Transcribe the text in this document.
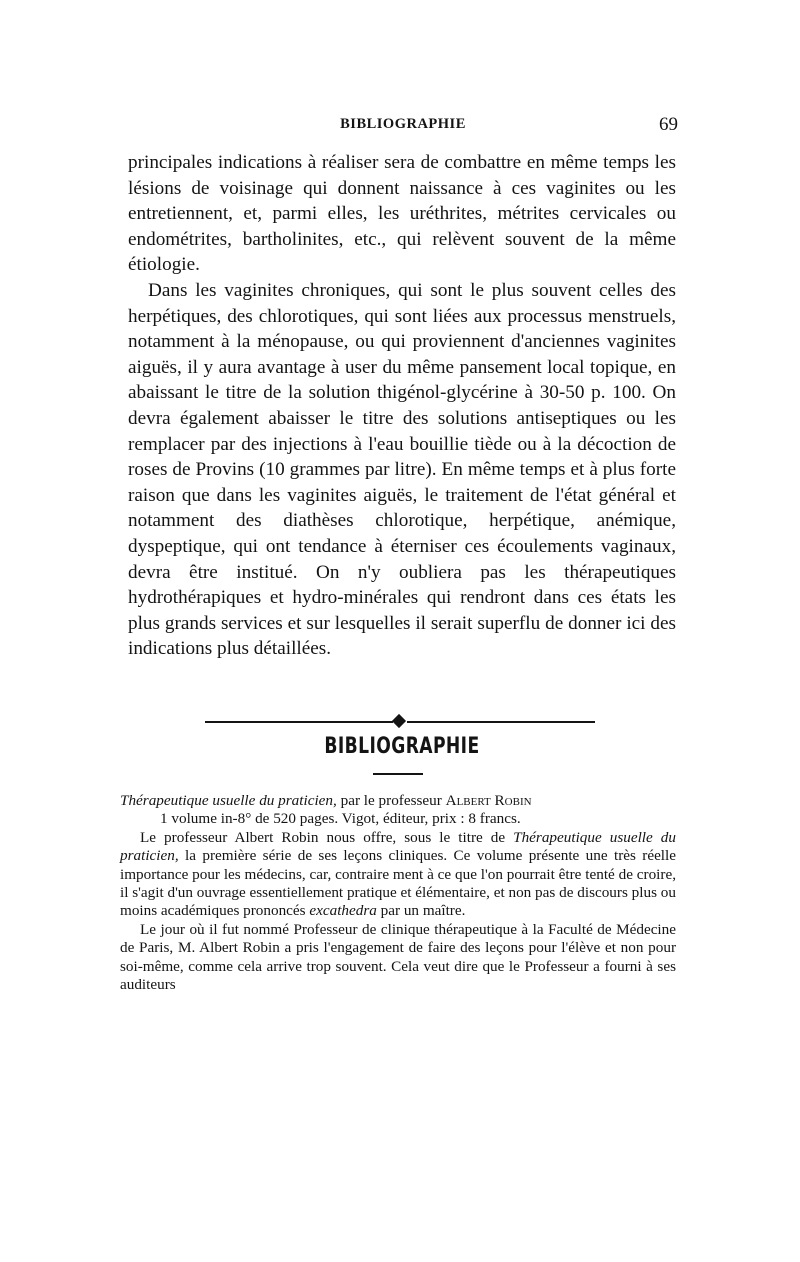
BIBLIOGRAPHIE	69

principales indications à réaliser sera de combattre en même temps les lésions de voisinage qui donnent naissance à ces vaginites ou les entretiennent, et, parmi elles, les uréthrites, métrites cervicales ou endométrites, bartholinites, etc., qui relèvent souvent de la même étiologie.

Dans les vaginites chroniques, qui sont le plus souvent celles des herpétiques, des chlorotiques, qui sont liées aux processus menstruels, notamment à la ménopause, ou qui proviennent d'anciennes vaginites aiguës, il y aura avantage à user du même pansement local topique, en abaissant le titre de la solution thigénol-glycérine à 30-50 p. 100. On devra également abaisser le titre des solutions antiseptiques ou les remplacer par des injections à l'eau bouillie tiède ou à la décoction de roses de Provins (10 grammes par litre). En même temps et à plus forte raison que dans les vaginites aiguës, le traitement de l'état général et notamment des diathèses chlorotique, herpétique, anémique, dyspeptique, qui ont tendance à éterniser ces écoulements vaginaux, devra être institué. On n'y oubliera pas les thérapeutiques hydrothérapiques et hydro-minérales qui rendront dans ces états les plus grands services et sur lesquelles il serait superflu de donner ici des indications plus détaillées.

BIBLIOGRAPHIE

Thérapeutique usuelle du praticien, par le professeur Albert Robin

1 volume in-8° de 520 pages. Vigot, éditeur, prix : 8 francs.

Le professeur Albert Robin nous offre, sous le titre de Thérapeutique usuelle du praticien, la première série de ses leçons cliniques. Ce volume présente une très réelle importance pour les médecins, car, contraire ment à ce que l'on pourrait être tenté de croire, il s'agit d'un ouvrage essentiellement pratique et élémentaire, et non pas de discours plus ou moins académiques prononcés excathedra par un maître.

Le jour où il fut nommé Professeur de clinique thérapeutique à la Faculté de Médecine de Paris, M. Albert Robin a pris l'engagement de faire des leçons pour l'élève et non pour soi-même, comme cela arrive trop souvent. Cela veut dire que le Professeur a fourni à ses auditeurs
